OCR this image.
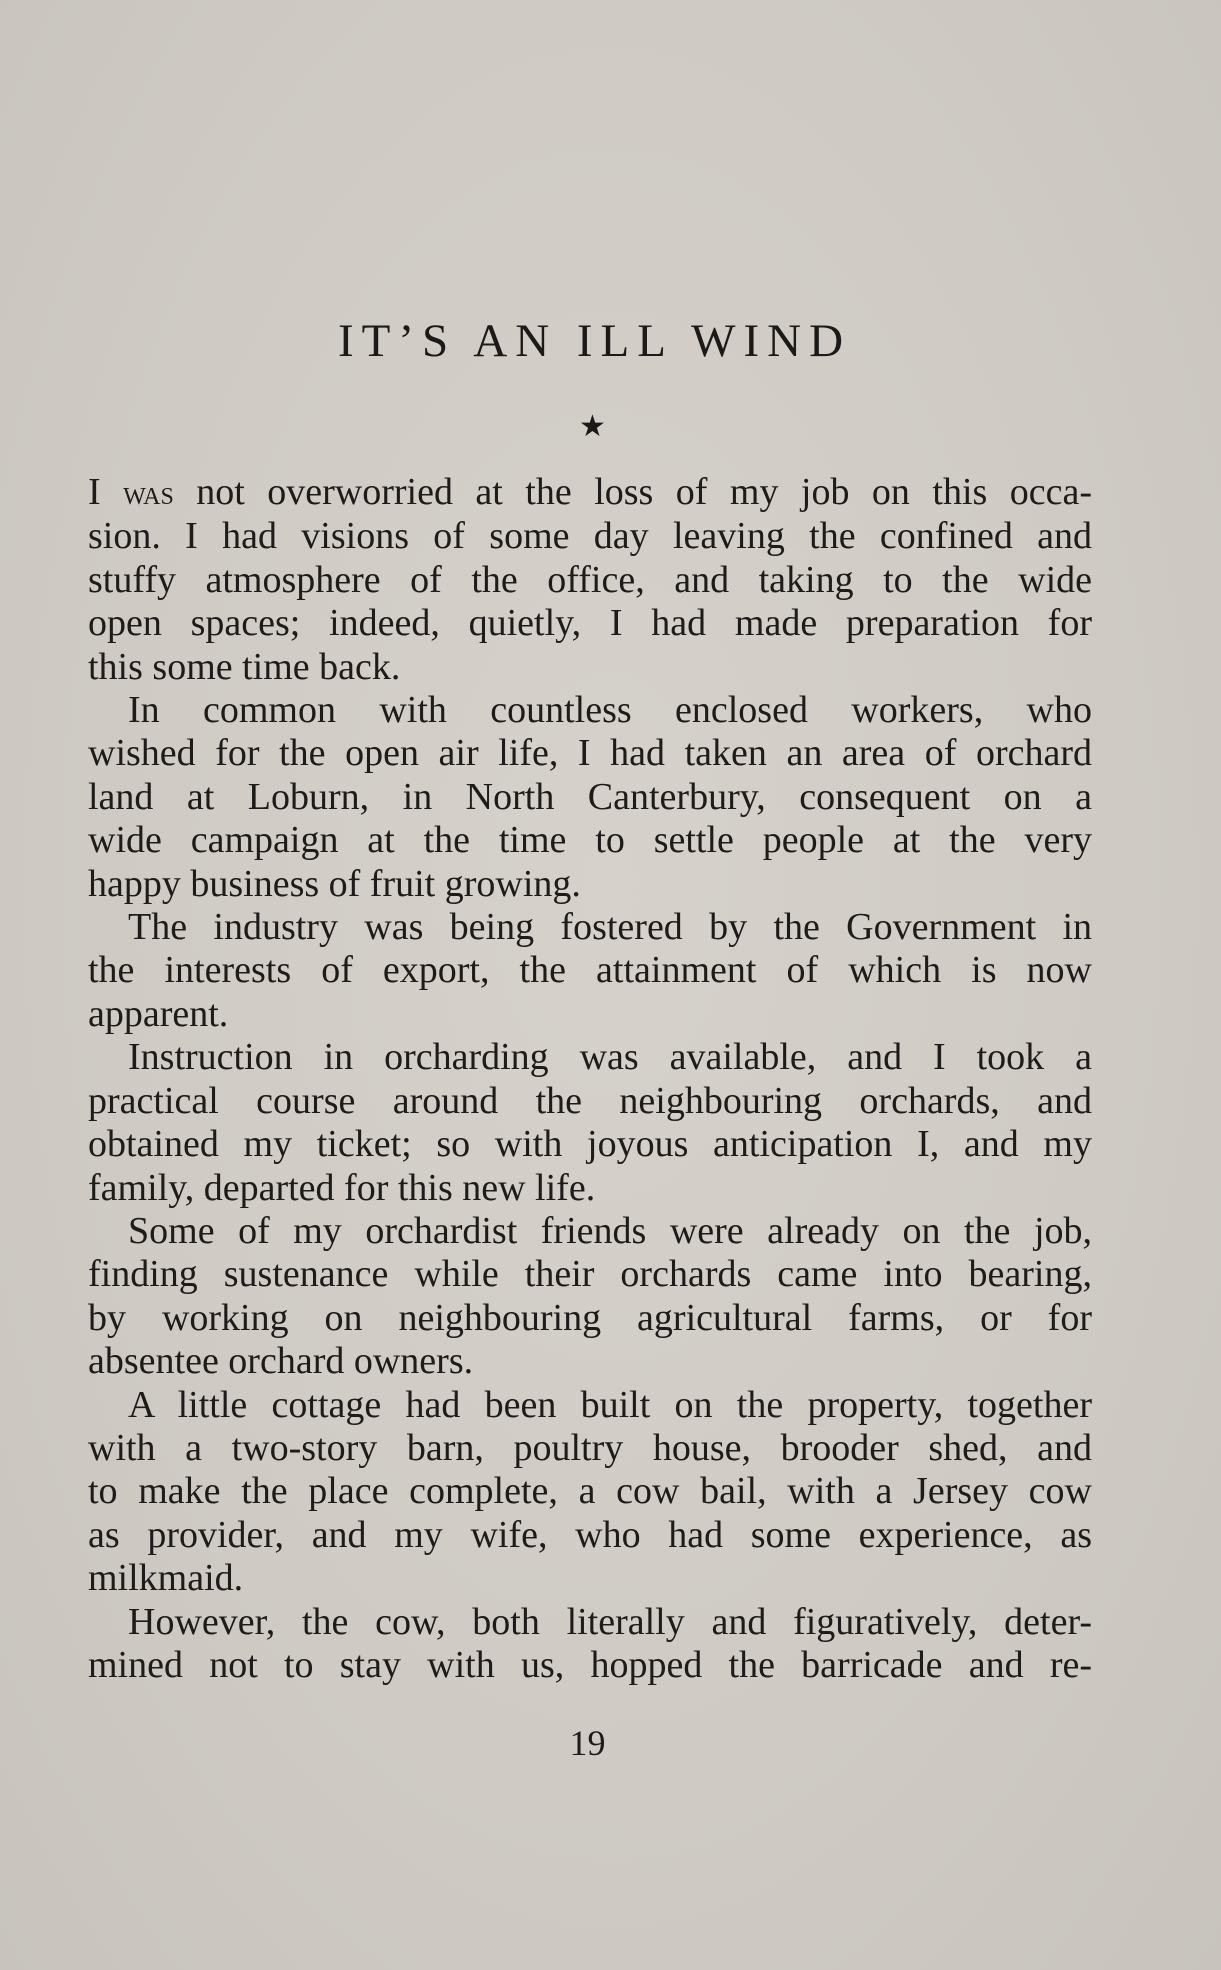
IT’S AN ILL WIND
★

I was not overworried at the loss of my job on this occa-
sion. I had visions of some day leaving the confined and
stuffy atmosphere of the office, and taking to the wide
open spaces; indeed, quietly, I had made preparation for
this some time back.

In common with countless enclosed workers, who
wished for the open air life, I had taken an area of orchard
land at Loburn, in North Canterbury, consequent on a
wide campaign at the time to settle people at the very
happy business of fruit growing.

The industry was being fostered by the Government in
the interests of export, the attainment of which is now
apparent.

Instruction in orcharding was available, and I took a
practical course around the neighbouring orchards, and
obtained my ticket; so with joyous anticipation I, and my
family, departed for this new life.

Some of my orchardist friends were already on the job,
finding sustenance while their orchards came into bearing,
by working on neighbouring agricultural farms, or for
absentee orchard owners.

A little cottage had been built on the property, together
with a two-story barn, poultry house, brooder shed, and
to make the place complete, a cow bail, with a Jersey cow
as provider, and my wife, who had some experience, as
milkmaid.

However, the cow, both literally and figuratively, deter-
mined not to stay with us, hopped the barricade and re-

19
